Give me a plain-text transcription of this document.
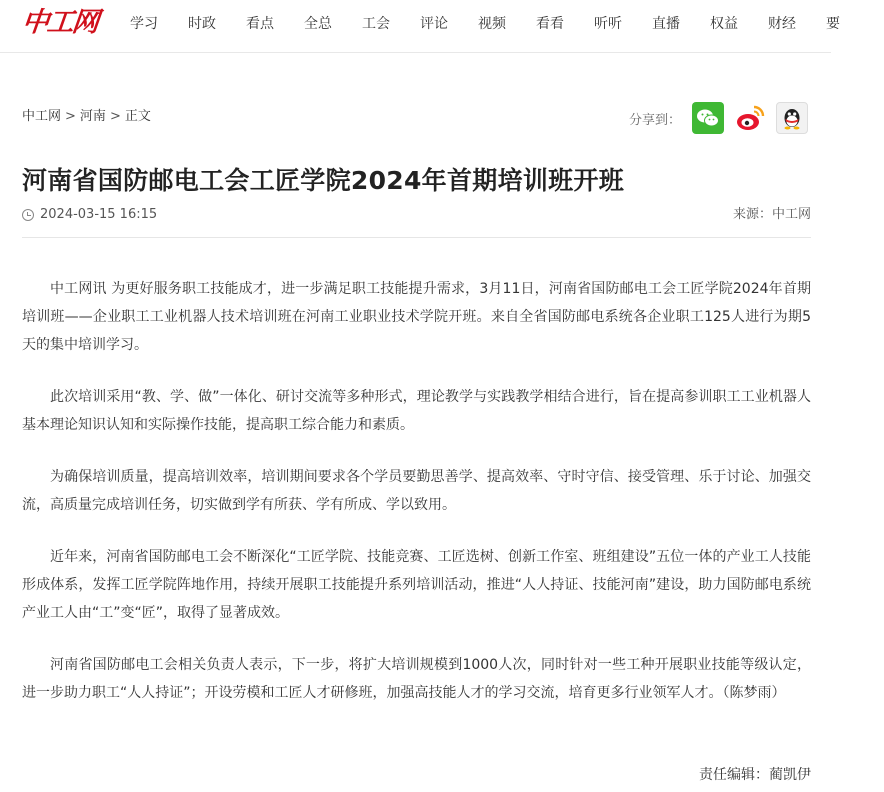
中工网 学习	时政	看点	全总	工会	评论	视频	看看	听听	直播	权益	财经	要
中工网 > 河南 > 正文	分享到：
河南省国防邮电工会工匠学院2024年首期培训班开班
2024-03-15 16:15	来源：中工网

中工网讯 为更好服务职工技能成才，进一步满足职工技能提升需求，3月11日，河南省国防邮电工会工匠学院2024年首期培训班——企业职工工业机器人技术培训班在河南工业职业技术学院开班。来自全省国防邮电系统各企业职工125人进行为期5天的集中培训学习。

此次培训采用“教、学、做”一体化、研讨交流等多种形式，理论教学与实践教学相结合进行，旨在提高参训职工工业机器人基本理论知识认知和实际操作技能，提高职工综合能力和素质。

为确保培训质量，提高培训效率，培训期间要求各个学员要勤思善学、提高效率、守时守信、接受管理、乐于讨论、加强交流，高质量完成培训任务，切实做到学有所获、学有所成、学以致用。

近年来，河南省国防邮电工会不断深化“工匠学院、技能竞赛、工匠选树、创新工作室、班组建设”五位一体的产业工人技能形成体系，发挥工匠学院阵地作用，持续开展职工技能提升系列培训活动，推进“人人持证、技能河南”建设，助力国防邮电系统产业工人由“工”变“匠”，取得了显著成效。

河南省国防邮电工会相关负责人表示，下一步，将扩大培训规模到1000人次，同时针对一些工种开展职业技能等级认定，进一步助力职工“人人持证”；开设劳模和工匠人才研修班，加强高技能人才的学习交流，培育更多行业领军人才。（陈梦雨）

责任编辑：蔺凯伊
